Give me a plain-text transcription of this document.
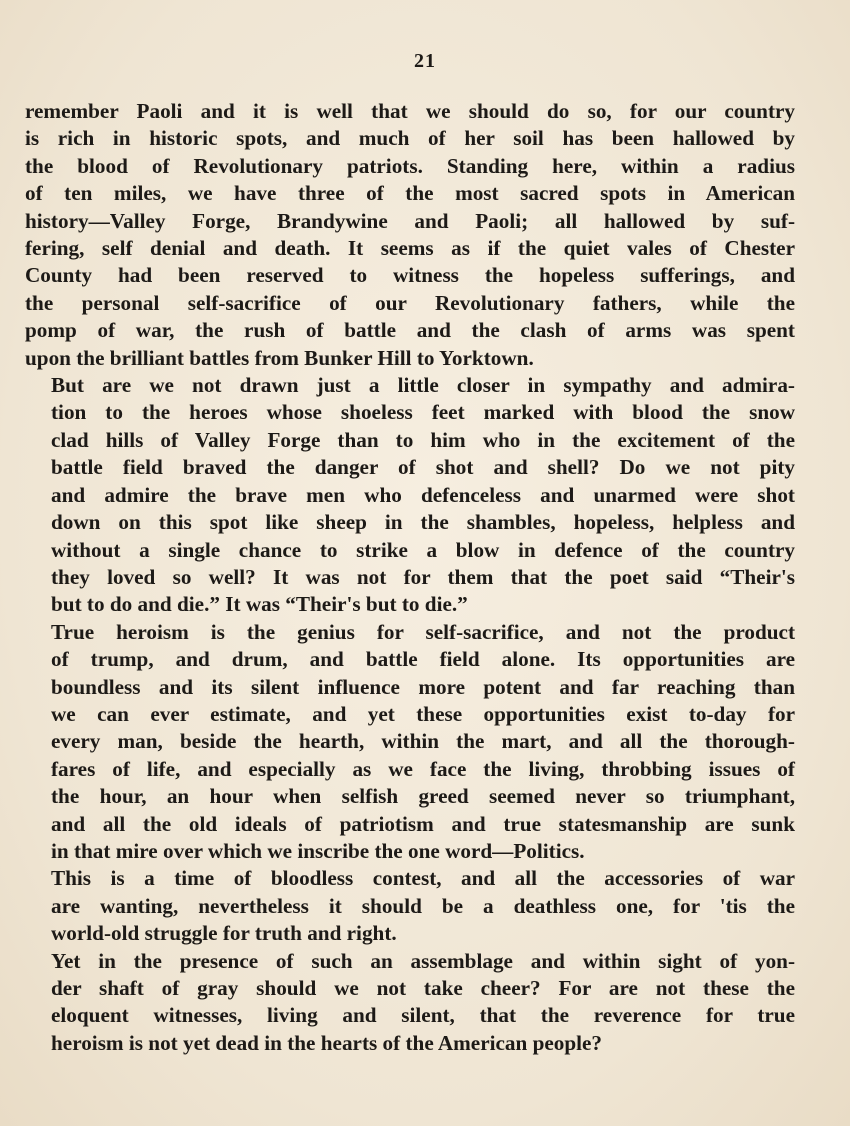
21

remember Paoli and it is well that we should do so, for our country
is rich in historic spots, and much of her soil has been hallowed by
the blood of Revolutionary patriots. Standing here, within a radius
of ten miles, we have three of the most sacred spots in American
history—Valley Forge, Brandywine and Paoli; all hallowed by suf-
fering, self denial and death. It seems as if the quiet vales of Chester
County had been reserved to witness the hopeless sufferings, and
the personal self-sacrifice of our Revolutionary fathers, while the
pomp of war, the rush of battle and the clash of arms was spent
upon the brilliant battles from Bunker Hill to Yorktown.

But are we not drawn just a little closer in sympathy and admira-
tion to the heroes whose shoeless feet marked with blood the snow
clad hills of Valley Forge than to him who in the excitement of the
battle field braved the danger of shot and shell? Do we not pity
and admire the brave men who defenceless and unarmed were shot
down on this spot like sheep in the shambles, hopeless, helpless and
without a single chance to strike a blow in defence of the country
they loved so well? It was not for them that the poet said “Their's
but to do and die.” It was “Their's but to die.”

True heroism is the genius for self-sacrifice, and not the product
of trump, and drum, and battle field alone. Its opportunities are
boundless and its silent influence more potent and far reaching than
we can ever estimate, and yet these opportunities exist to-day for
every man, beside the hearth, within the mart, and all the thorough-
fares of life, and especially as we face the living, throbbing issues of
the hour, an hour when selfish greed seemed never so triumphant,
and all the old ideals of patriotism and true statesmanship are sunk
in that mire over which we inscribe the one word—Politics.

This is a time of bloodless contest, and all the accessories of war
are wanting, nevertheless it should be a deathless one, for 'tis the
world-old struggle for truth and right.

Yet in the presence of such an assemblage and within sight of yon-
der shaft of gray should we not take cheer? For are not these the
eloquent witnesses, living and silent, that the reverence for true
heroism is not yet dead in the hearts of the American people?
